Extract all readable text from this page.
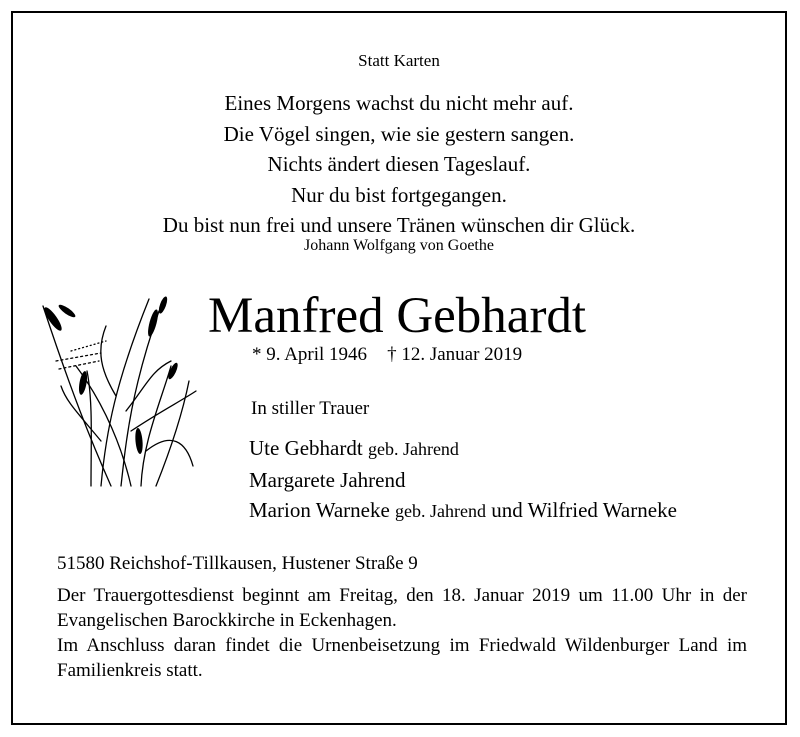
Statt Karten
Eines Morgens wachst du nicht mehr auf.
Die Vögel singen, wie sie gestern sangen.
Nichts ändert diesen Tageslauf.
Nur du bist fortgegangen.
Du bist nun frei und unsere Tränen wünschen dir Glück.
Johann Wolfgang von Goethe
Manfred Gebhardt
* 9. April 1946 † 12. Januar 2019
In stiller Trauer
Ute Gebhardt geb. Jahrend
Margarete Jahrend
Marion Warneke geb. Jahrend und Wilfried Warneke
51580 Reichshof-Tillkausen, Hustener Straße 9

Der Trauergottesdienst beginnt am Freitag, den 18. Januar 2019 um 11.00 Uhr in der Evangelischen Barockkirche in Eckenhagen.

Im Anschluss daran findet die Urnenbeisetzung im Friedwald Wildenburger Land im Familienkreis statt.
